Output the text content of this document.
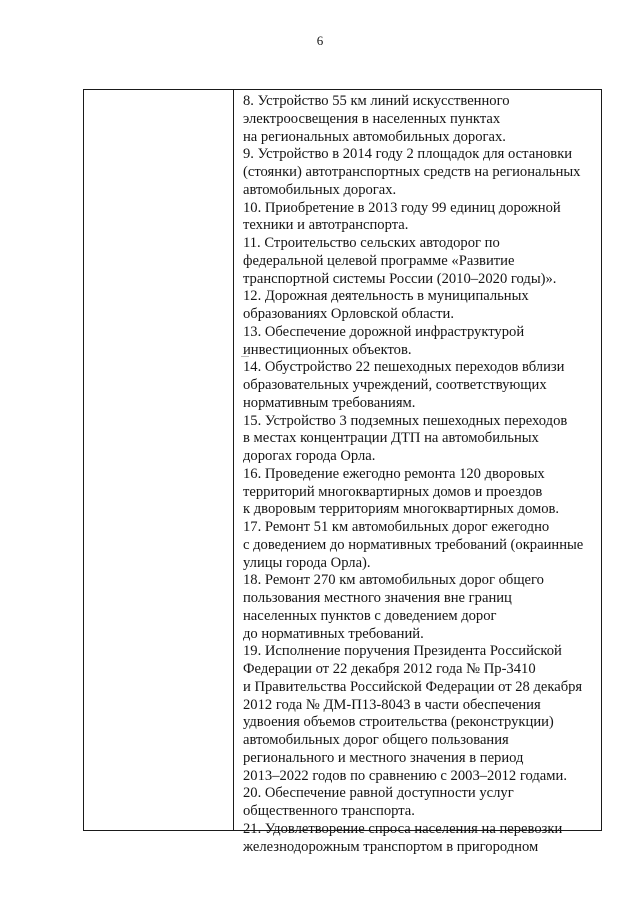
6
8. Устройство 55 км линий искусственного
электроосвещения в населенных пунктах
на региональных автомобильных дорогах.
9. Устройство в 2014 году 2 площадок для остановки
(стоянки) автотранспортных средств на региональных
автомобильных дорогах.
10. Приобретение в 2013 году 99 единиц дорожной
техники и автотранспорта.
11. Строительство сельских автодорог по
федеральной целевой программе «Развитие
транспортной системы России (2010–2020 годы)».
12. Дорожная деятельность в муниципальных
образованиях Орловской области.
13. Обеспечение дорожной инфраструктурой
инвестиционных объектов.
14. Обустройство 22 пешеходных переходов вблизи
образовательных учреждений, соответствующих
нормативным требованиям.
15. Устройство 3 подземных пешеходных переходов
в местах концентрации ДТП на автомобильных
дорогах города Орла.
16. Проведение ежегодно ремонта 120 дворовых
территорий многоквартирных домов и проездов
к дворовым территориям многоквартирных домов.
17. Ремонт 51 км автомобильных дорог ежегодно
с доведением до нормативных требований (окраинные
улицы города Орла).
18. Ремонт 270 км автомобильных дорог общего
пользования местного значения вне границ
населенных пунктов с доведением дорог
до нормативных требований.
19. Исполнение поручения Президента Российской
Федерации от 22 декабря 2012 года № Пр-3410
и Правительства Российской Федерации от 28 декабря
2012 года № ДМ-П13-8043 в части обеспечения
удвоения объемов строительства (реконструкции)
автомобильных дорог общего пользования
регионального и местного значения в период
2013–2022 годов по сравнению с 2003–2012 годами.
20. Обеспечение равной доступности услуг
общественного транспорта.
21. Удовлетворение спроса населения на перевозки
железнодорожным транспортом в пригородном
